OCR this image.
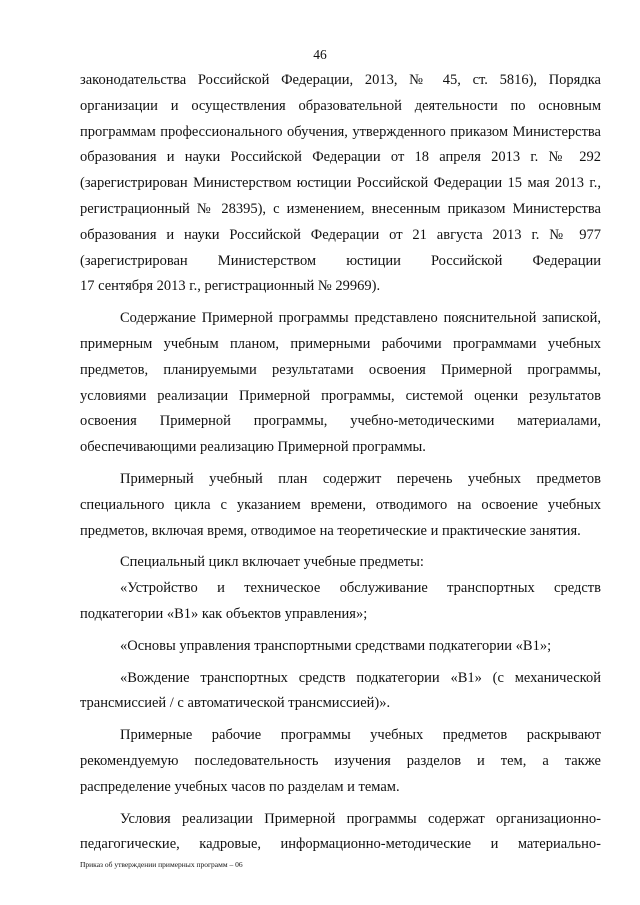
46

законодательства Российской Федерации, 2013, № 45, ст. 5816), Порядка организации и осуществления образовательной деятельности по основным программам профессионального обучения, утвержденного приказом Министерства образования и науки Российской Федерации от 18 апреля 2013 г. № 292 (зарегистрирован Министерством юстиции Российской Федерации 15 мая 2013 г., регистрационный № 28395), с изменением, внесенным приказом Министерства образования и науки Российской Федерации от 21 августа 2013 г. № 977 (зарегистрирован Министерством юстиции Российской Федерации

17 сентября 2013 г., регистрационный № 29969).

Содержание Примерной программы представлено пояснительной запиской, примерным учебным планом, примерными рабочими программами учебных предметов, планируемыми результатами освоения Примерной программы, условиями реализации Примерной программы, системой оценки результатов освоения Примерной программы, учебно-методическими материалами, обеспечивающими реализацию Примерной программы.

Примерный учебный план содержит перечень учебных предметов специального цикла с указанием времени, отводимого на освоение учебных предметов, включая время, отводимое на теоретические и практические занятия.

Специальный цикл включает учебные предметы:

«Устройство и техническое обслуживание транспортных средств подкатегории «В1» как объектов управления»;

«Основы управления транспортными средствами подкатегории «В1»;

«Вождение транспортных средств подкатегории «В1» (с механической трансмиссией / с автоматической трансмиссией)».

Примерные рабочие программы учебных предметов раскрывают рекомендуемую последовательность изучения разделов и тем, а также распределение учебных часов по разделам и темам.

Условия реализации Примерной программы содержат организационно-педагогические, кадровые, информационно-методические и материально-

Приказ об утверждении примерных программ – 06
